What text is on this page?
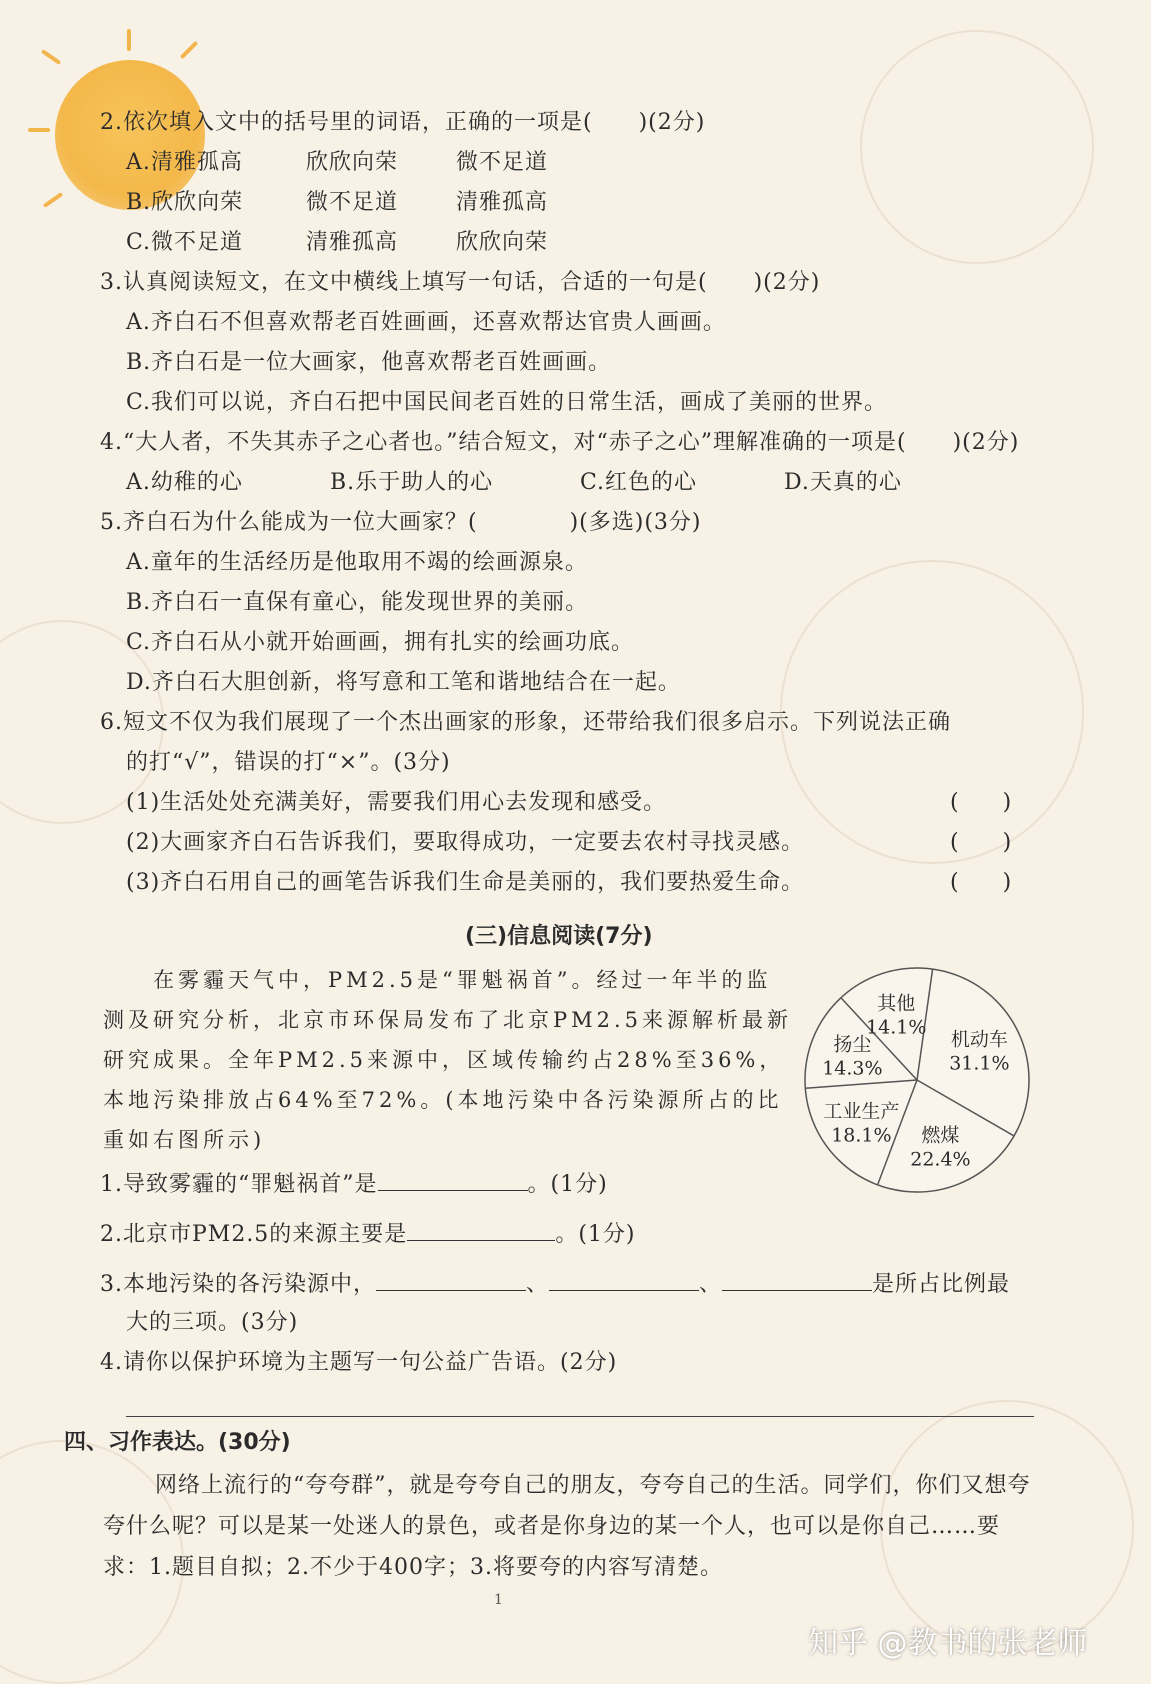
2.依次填入文中的括号里的词语，正确的一项是(　　)(2分)
A.清雅孤高	欣欣向荣	微不足道
B.欣欣向荣	微不足道	清雅孤高
C.微不足道	清雅孤高	欣欣向荣
3.认真阅读短文，在文中横线上填写一句话，合适的一句是(　　)(2分)
A.齐白石不但喜欢帮老百姓画画，还喜欢帮达官贵人画画。
B.齐白石是一位大画家，他喜欢帮老百姓画画。
C.我们可以说，齐白石把中国民间老百姓的日常生活，画成了美丽的世界。
4.“大人者，不失其赤子之心者也。”结合短文，对“赤子之心”理解准确的一项是(　　)(2分)
A.幼稚的心	B.乐于助人的心	C.红色的心	D.天真的心
5.齐白石为什么能成为一位大画家？(　　　　)(多选)(3分)
A.童年的生活经历是他取用不竭的绘画源泉。
B.齐白石一直保有童心，能发现世界的美丽。
C.齐白石从小就开始画画，拥有扎实的绘画功底。
D.齐白石大胆创新，将写意和工笔和谐地结合在一起。
6.短文不仅为我们展现了一个杰出画家的形象，还带给我们很多启示。下列说法正确
的打“√”，错误的打“×”。(3分)
(1)生活处处充满美好，需要我们用心去发现和感受。	(　　)
(2)大画家齐白石告诉我们，要取得成功，一定要去农村寻找灵感。	(　　)
(3)齐白石用自己的画笔告诉我们生命是美丽的，我们要热爱生命。	(　　)
(三)信息阅读(7分)
　　在雾霾天气中，PM2.5是“罪魁祸首”。经过一年半的监测及研究分析，北京市环保局发布了北京PM2.5来源解析最新研究成果。全年PM2.5来源中，区域传输约占28%至36%，本地污染排放占64%至72%。(本地污染中各污染源所占的比重如右图所示)
机动车
31.1%
燃煤
22.4%
工业生产
18.1%
扬尘
14.3%
其他
14.1%
1.导致雾霾的“罪魁祸首”是	。(1分)
2.北京市PM2.5的来源主要是	。(1分)
3.本地污染的各污染源中，	、	、	是所占比例最
大的三项。(3分)
4.请你以保护环境为主题写一句公益广告语。(2分)
四、习作表达。(30分)
网络上流行的“夸夸群”，就是夸夸自己的朋友，夸夸自己的生活。同学们，你们又想夸夸什么呢？可以是某一处迷人的景色，或者是你身边的某一个人，也可以是你自己……要求：1.题目自拟；2.不少于400字；3.将要夸的内容写清楚。
1
知乎 @教书的张老师
